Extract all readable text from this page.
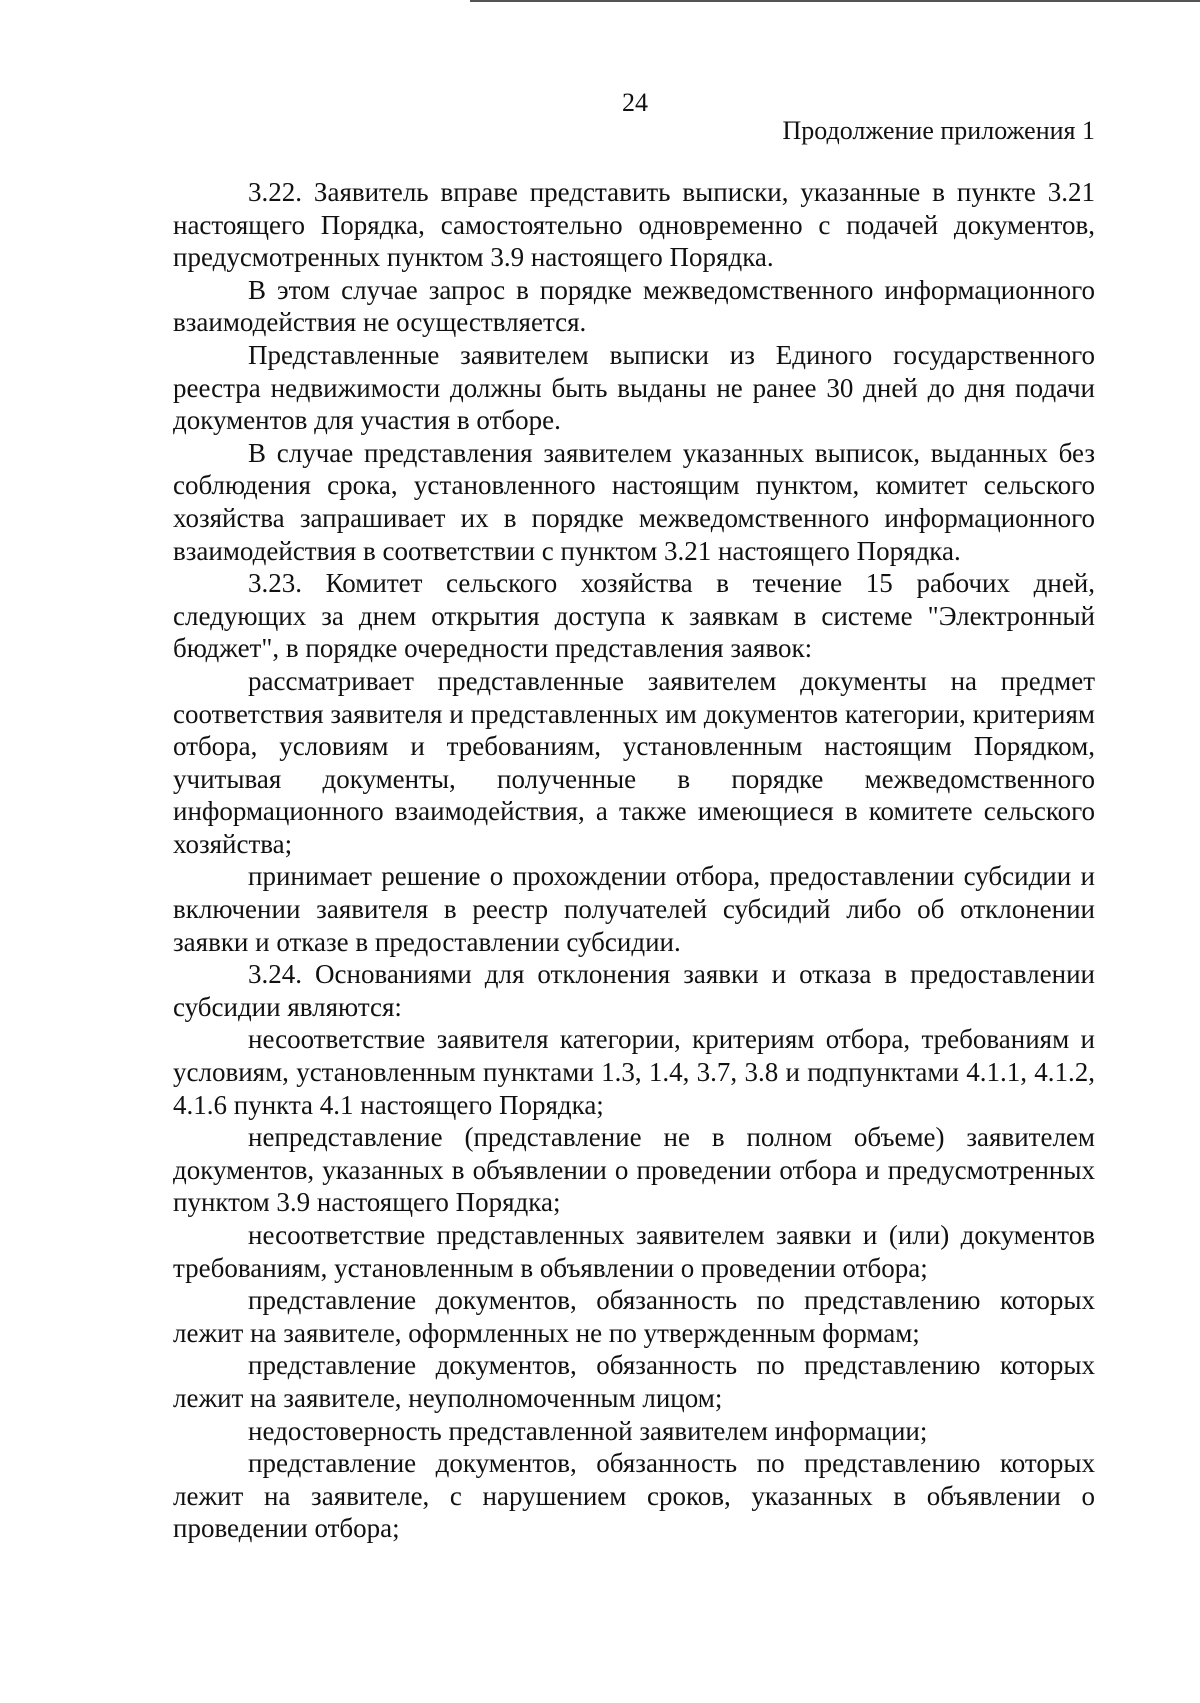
24
Продолжение приложения 1

3.22. Заявитель вправе представить выписки, указанные в пункте 3.21 настоящего Порядка, самостоятельно одновременно с подачей документов, предусмотренных пунктом 3.9 настоящего Порядка.

В этом случае запрос в порядке межведомственного информационного взаимодействия не осуществляется.

Представленные заявителем выписки из Единого государственного реестра недвижимости должны быть выданы не ранее 30 дней до дня подачи документов для участия в отборе.

В случае представления заявителем указанных выписок, выданных без соблюдения срока, установленного настоящим пунктом, комитет сельского хозяйства запрашивает их в порядке межведомственного информационного взаимодействия в соответствии с пунктом 3.21 настоящего Порядка.

3.23. Комитет сельского хозяйства в течение 15 рабочих дней, следующих за днем открытия доступа к заявкам в системе "Электронный бюджет", в порядке очередности представления заявок:

рассматривает представленные заявителем документы на предмет соответствия заявителя и представленных им документов категории, критериям отбора, условиям и требованиям, установленным настоящим Порядком, учитывая документы, полученные в порядке межведомственного информационного взаимодействия, а также имеющиеся в комитете сельского хозяйства;

принимает решение о прохождении отбора, предоставлении субсидии и включении заявителя в реестр получателей субсидий либо об отклонении заявки и отказе в предоставлении субсидии.

3.24. Основаниями для отклонения заявки и отказа в предоставлении субсидии являются:

несоответствие заявителя категории, критериям отбора, требованиям и условиям, установленным пунктами 1.3, 1.4, 3.7, 3.8 и подпунктами 4.1.1, 4.1.2, 4.1.6 пункта 4.1 настоящего Порядка;

непредставление (представление не в полном объеме) заявителем документов, указанных в объявлении о проведении отбора и предусмотренных пунктом 3.9 настоящего Порядка;

несоответствие представленных заявителем заявки и (или) документов требованиям, установленным в объявлении о проведении отбора;

представление документов, обязанность по представлению которых лежит на заявителе, оформленных не по утвержденным формам;

представление документов, обязанность по представлению которых лежит на заявителе, неуполномоченным лицом;

недостоверность представленной заявителем информации;

представление документов, обязанность по представлению которых лежит на заявителе, с нарушением сроков, указанных в объявлении о проведении отбора;
